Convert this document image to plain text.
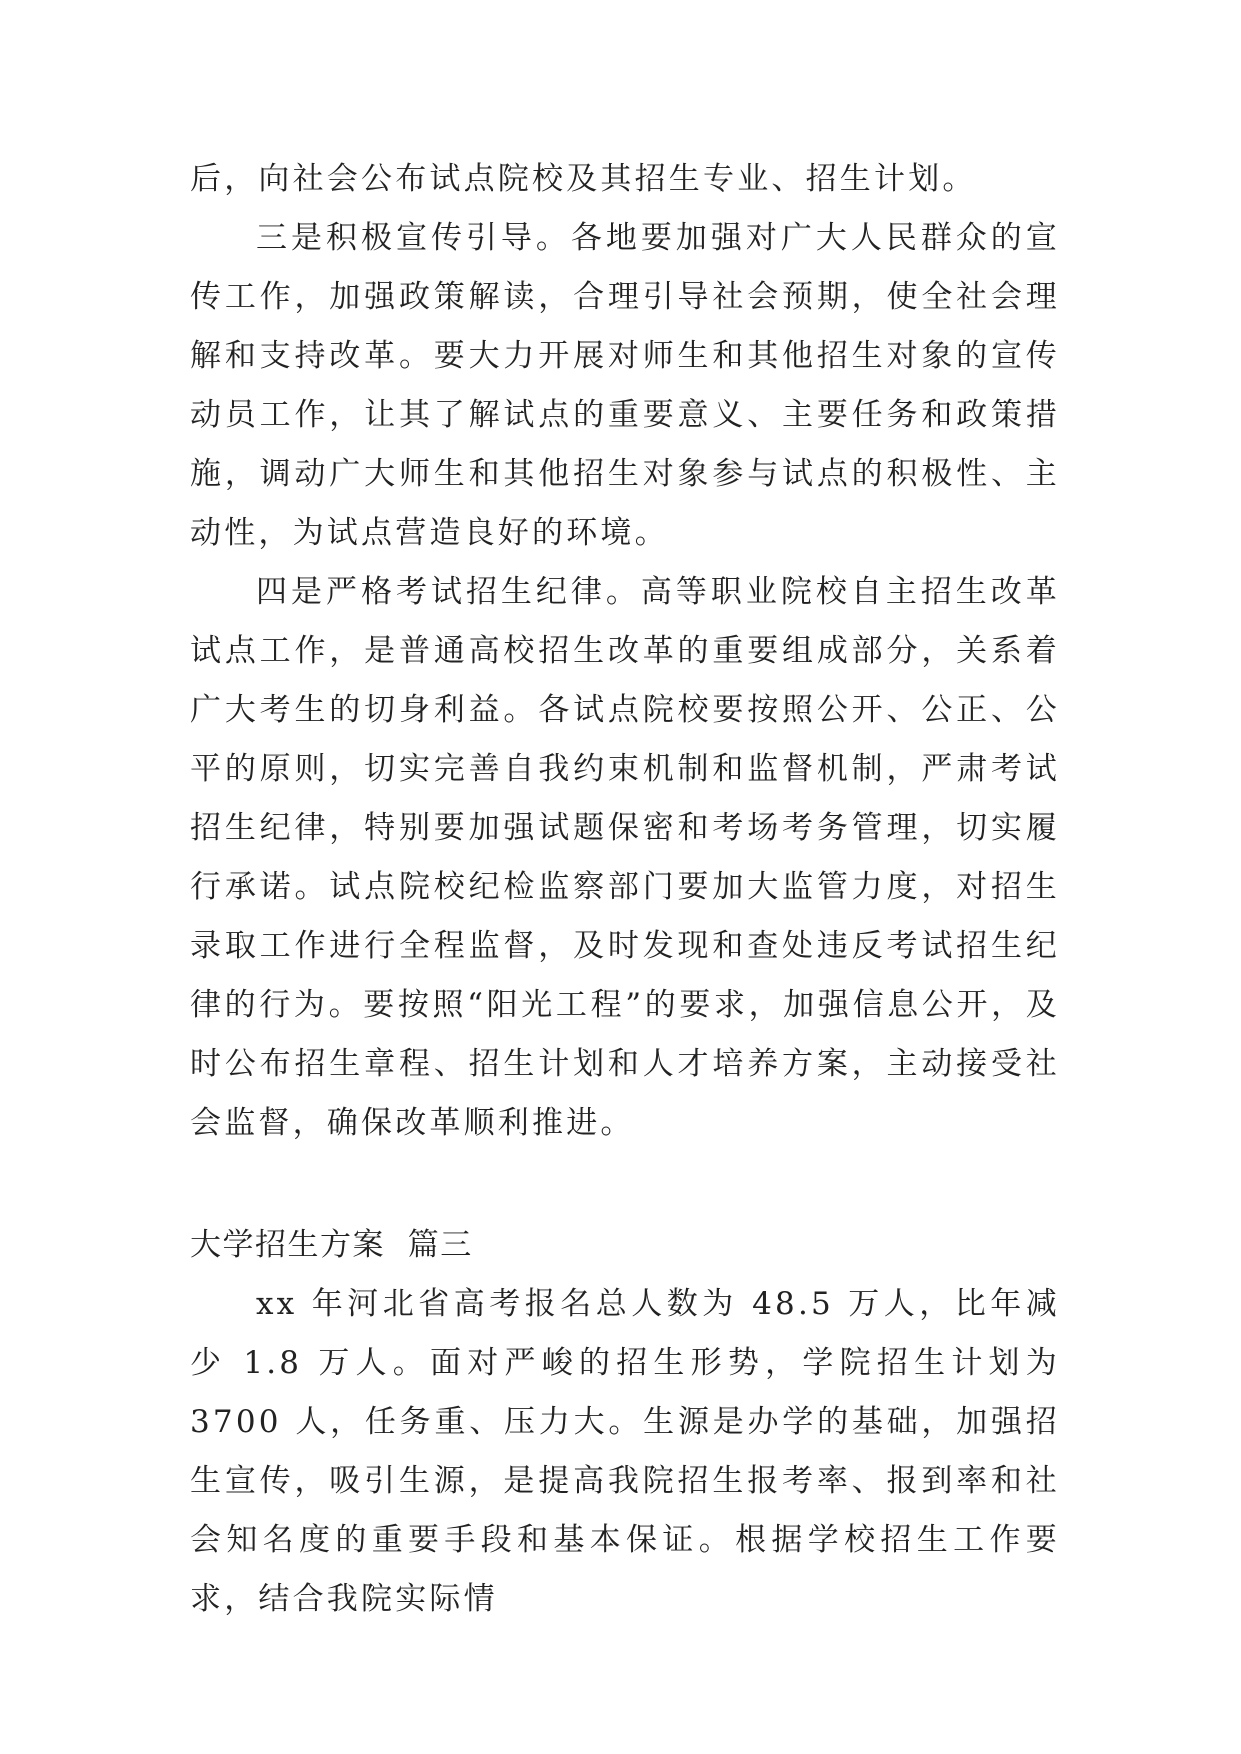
后，向社会公布试点院校及其招生专业、招生计划。

三是积极宣传引导。各地要加强对广大人民群众的宣传工作，加强政策解读，合理引导社会预期，使全社会理解和支持改革。要大力开展对师生和其他招生对象的宣传动员工作，让其了解试点的重要意义、主要任务和政策措施，调动广大师生和其他招生对象参与试点的积极性、主动性，为试点营造良好的环境。

四是严格考试招生纪律。高等职业院校自主招生改革试点工作，是普通高校招生改革的重要组成部分，关系着广大考生的切身利益。各试点院校要按照公开、公正、公平的原则，切实完善自我约束机制和监督机制，严肃考试招生纪律，特别要加强试题保密和考场考务管理，切实履行承诺。试点院校纪检监察部门要加大监管力度，对招生录取工作进行全程监督，及时发现和查处违反考试招生纪律的行为。要按照“阳光工程”的要求，加强信息公开，及时公布招生章程、招生计划和人才培养方案，主动接受社会监督，确保改革顺利推进。

大学招生方案  篇三

xx 年河北省高考报名总人数为 48.5 万人，比年减少 1.8 万人。面对严峻的招生形势，学院招生计划为 3700 人，任务重、压力大。生源是办学的基础，加强招生宣传，吸引生源，是提高我院招生报考率、报到率和社会知名度的重要手段和基本保证。根据学校招生工作要求，结合我院实际情
